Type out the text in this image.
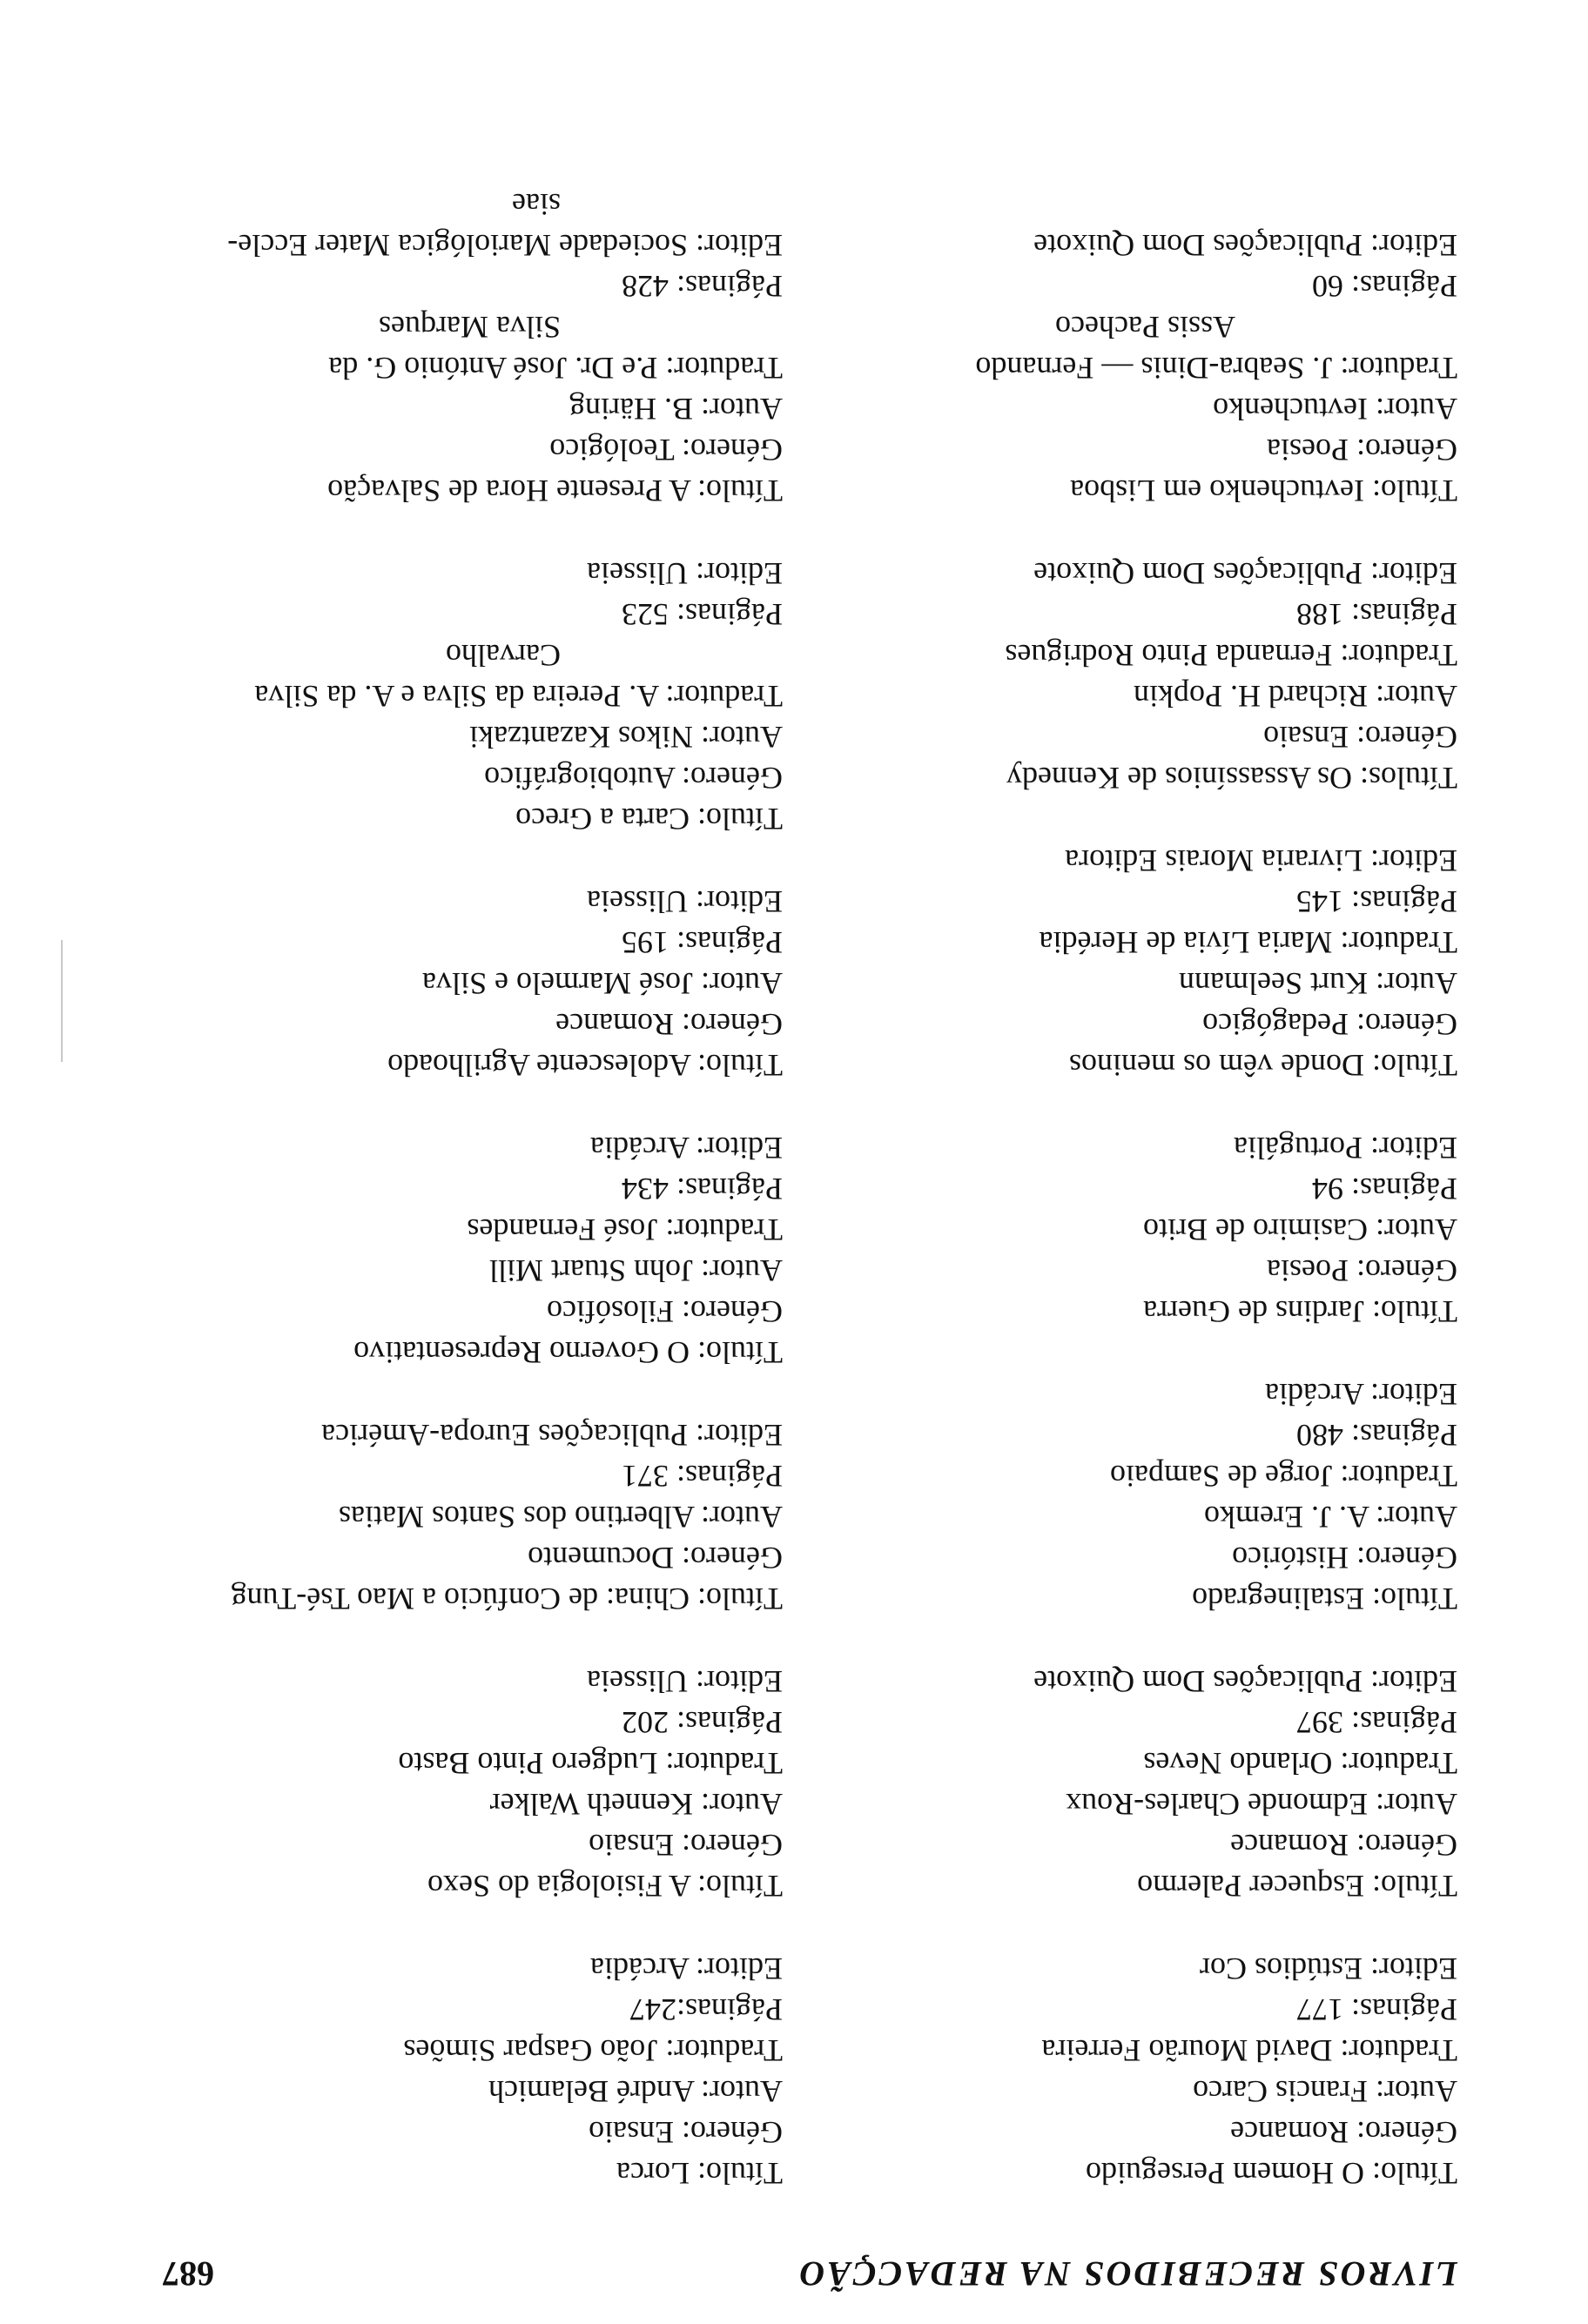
LIVROS RECEBIDOS NA REDACÇÃO
687
Título: O Homem Perseguido
Género: Romance
Autor: Francis Carco
Tradutor: David Mourão Ferreira
Páginas: 177
Editor: Estúdios Cor
Título: Esquecer Palermo
Género: Romance
Autor: Edmonde Charles-Roux
Tradutor: Orlando Neves
Páginas: 397
Editor: Publicações Dom Quixote
Título: Estalinegrado
Género: Histórico
Autor: A. J. Eremko
Tradutor: Jorge de Sampaio
Páginas: 480
Editor: Arcádia
Título: Jardins de Guerra
Género: Poesia
Autor: Casimiro de Brito
Páginas: 94
Editor: Portugália
Título: Donde vêm os meninos
Género: Pedagógico
Autor: Kurt Seelmann
Tradutor: Maria Lívia de Herédia
Páginas: 145
Editor: Livraria Morais Editora
Títulos: Os Assassínios de Kennedy
Género: Ensaio
Autor: Richard H. Popkin
Tradutor: Fernanda Pinto Rodrigues
Páginas: 188
Editor: Publicações Dom Quixote
Título: Ievtuchenko em Lisboa
Género: Poesia
Autor: Ievtuchenko
Tradutor: J. Seabra-Dinis — Fernando
Assis Pacheco
Páginas: 60
Editor: Publicações Dom Quixote
Título: Lorca
Género: Ensaio
Autor: André Belamich
Tradutor: João Gaspar Simões
Páginas:247
Editor: Arcádia
Título: A Fisiologia do Sexo
Género: Ensaio
Autor: Kenneth Walker
Tradutor: Ludgero Pinto Basto
Páginas: 202
Editor: Ulisseia
Título: China: de Confúcio a Mao Tsé-Tung
Género: Documento
Autor: Albertino dos Santos Matias
Páginas: 371
Editor: Publicações Europa-América
Título: O Governo Representativo
Género: Filosófico
Autor: John Stuart Mill
Tradutor: José Fernandes
Páginas: 434
Editor: Arcádia
Título: Adolescente Agrilhoado
Género: Romance
Autor: José Marmelo e Silva
Páginas: 195
Editor: Ulisseia
Título: Carta a Greco
Género: Autobiográfico
Autor: Nikos Kazantzaki
Tradutor: A. Pereira da Silva e A. da Silva
Carvalho
Páginas: 523
Editor: Ulisseia
Título: A Presente Hora de Salvação
Género: Teológico
Autor: B. Häring
Tradutor: P.e Dr. José António G. da
Silva Marques
Páginas: 428
Editor: Sociedade Mariológica Mater Eccle-
siae
